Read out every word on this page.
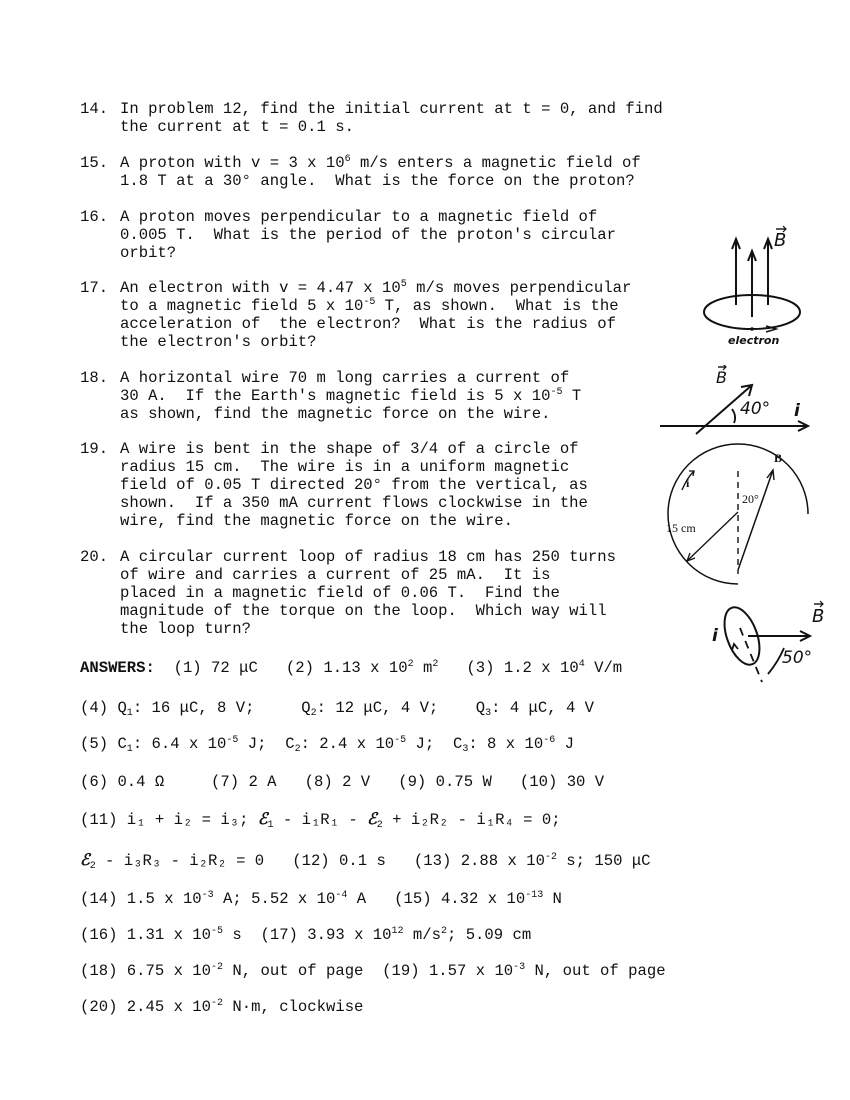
14. In problem 12, find the initial current at t = 0, and find
the current at t = 0.1 s.
15. A proton with v = 3 x 106 m/s enters a magnetic field of
1.8 T at a 30° angle.  What is the force on the proton?
16. A proton moves perpendicular to a magnetic field of
0.005 T.  What is the period of the proton's circular
orbit?
17. An electron with v = 4.47 x 105 m/s moves perpendicular
to a magnetic field 5 x 10-5 T, as shown.  What is the
acceleration of  the electron?  What is the radius of
the electron's orbit?
18. A horizontal wire 70 m long carries a current of
30 A.  If the Earth's magnetic field is 5 x 10-5 T
as shown, find the magnetic force on the wire.
19. A wire is bent in the shape of 3/4 of a circle of
radius 15 cm.  The wire is in a uniform magnetic
field of 0.05 T directed 20° from the vertical, as
shown.  If a 350 mA current flows clockwise in the
wire, find the magnetic force on the wire.
20. A circular current loop of radius 18 cm has 250 turns
of wire and carries a current of 25 mA.  It is
placed in a magnetic field of 0.06 T.  Find the
magnitude of the torque on the loop.  Which way will
the loop turn?
B
electron
B
40° i
B
20°
i
15 cm
B
50°
i
ANSWERS: (1) 72 μC (2) 1.13 x 102 m2 (3) 1.2 x 104 V/m
(4) Q1: 16 μC, 8 V;	Q2: 12 μC, 4 V; Q3: 4 μC, 4 V
(5) C1: 6.4 x 10-5 J; C2: 2.4 x 10-5 J; C3: 8 x 10-6 J
(6) 0.4 Ω	(7) 2 A (8) 2 V (9) 0.75 W (10) 30 V
(11) i₁ + i₂ = i₃; ℰ1 - i₁R₁ - ℰ2 + i₂R₂ - i₁R₄ = 0;
ℰ2 - i₃R₃ - i₂R₂ = 0 (12) 0.1 s (13) 2.88 x 10-2 s; 150 μC
(14) 1.5 x 10-3 A; 5.52 x 10-4 A (15) 4.32 x 10-13 N
(16) 1.31 x 10-5 s (17) 3.93 x 1012 m/s2; 5.09 cm
(18) 6.75 x 10-2 N, out of page (19) 1.57 x 10-3 N, out of page
(20) 2.45 x 10-2 N·m, clockwise
